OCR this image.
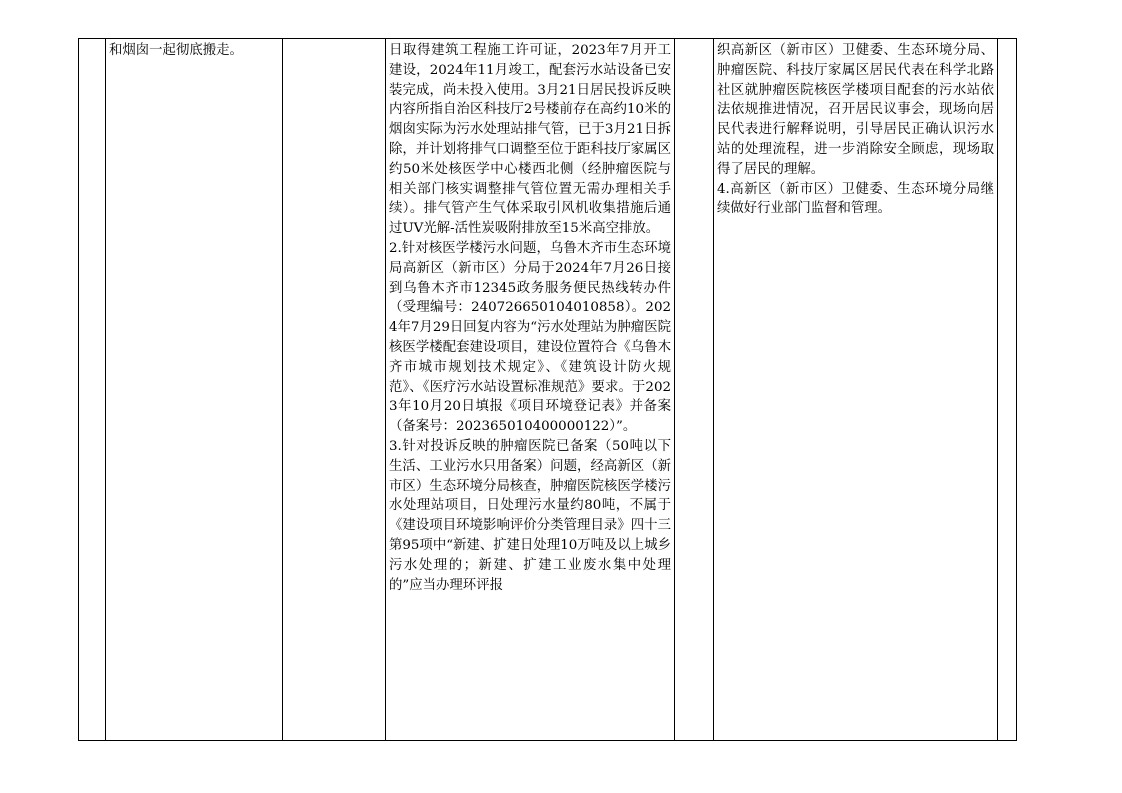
和烟囱一起彻底搬走。	日取得建筑工程施工许可证，2023年7月开工建设，2024年11月竣工，配套污水站设备已安装完成，尚未投入使用。3月21日居民投诉反映内容所指自治区科技厅2号楼前存在高约10米的烟囱实际为污水处理站排气管，已于3月21日拆除，并计划将排气口调整至位于距科技厅家属区约50米处核医学中心楼西北侧（经肿瘤医院与相关部门核实调整排气管位置无需办理相关手续）。排气管产生气体采取引风机收集措施后通过UV光解-活性炭吸附排放至15米高空排放。
2.针对核医学楼污水问题，乌鲁木齐市生态环境局高新区（新市区）分局于2024年7月26日接到乌鲁木齐市12345政务服务便民热线转办件（受理编号：240726650104010858）。2024年7月29日回复内容为“污水处理站为肿瘤医院核医学楼配套建设项目，建设位置符合《乌鲁木齐市城市规划技术规定》、《建筑设计防火规范》、《医疗污水站设置标准规范》要求。于2023年10月20日填报《项目环境登记表》并备案（备案号：202365010400000122）”。
3.针对投诉反映的肿瘤医院已备案（50吨以下生活、工业污水只用备案）问题，经高新区（新市区）生态环境分局核查，肿瘤医院核医学楼污水处理站项目，日处理污水量约80吨，不属于《建设项目环境影响评价分类管理目录》四十三第95项中“新建、扩建日处理10万吨及以上城乡污水处理的；新建、扩建工业废水集中处理的”应当办理环评报
织高新区（新市区）卫健委、生态环境分局、肿瘤医院、科技厅家属区居民代表在科学北路社区就肿瘤医院核医学楼项目配套的污水站依法依规推进情况，召开居民议事会，现场向居民代表进行解释说明，引导居民正确认识污水站的处理流程，进一步消除安全顾虑，现场取得了居民的理解。
4.高新区（新市区）卫健委、生态环境分局继续做好行业部门监督和管理。
